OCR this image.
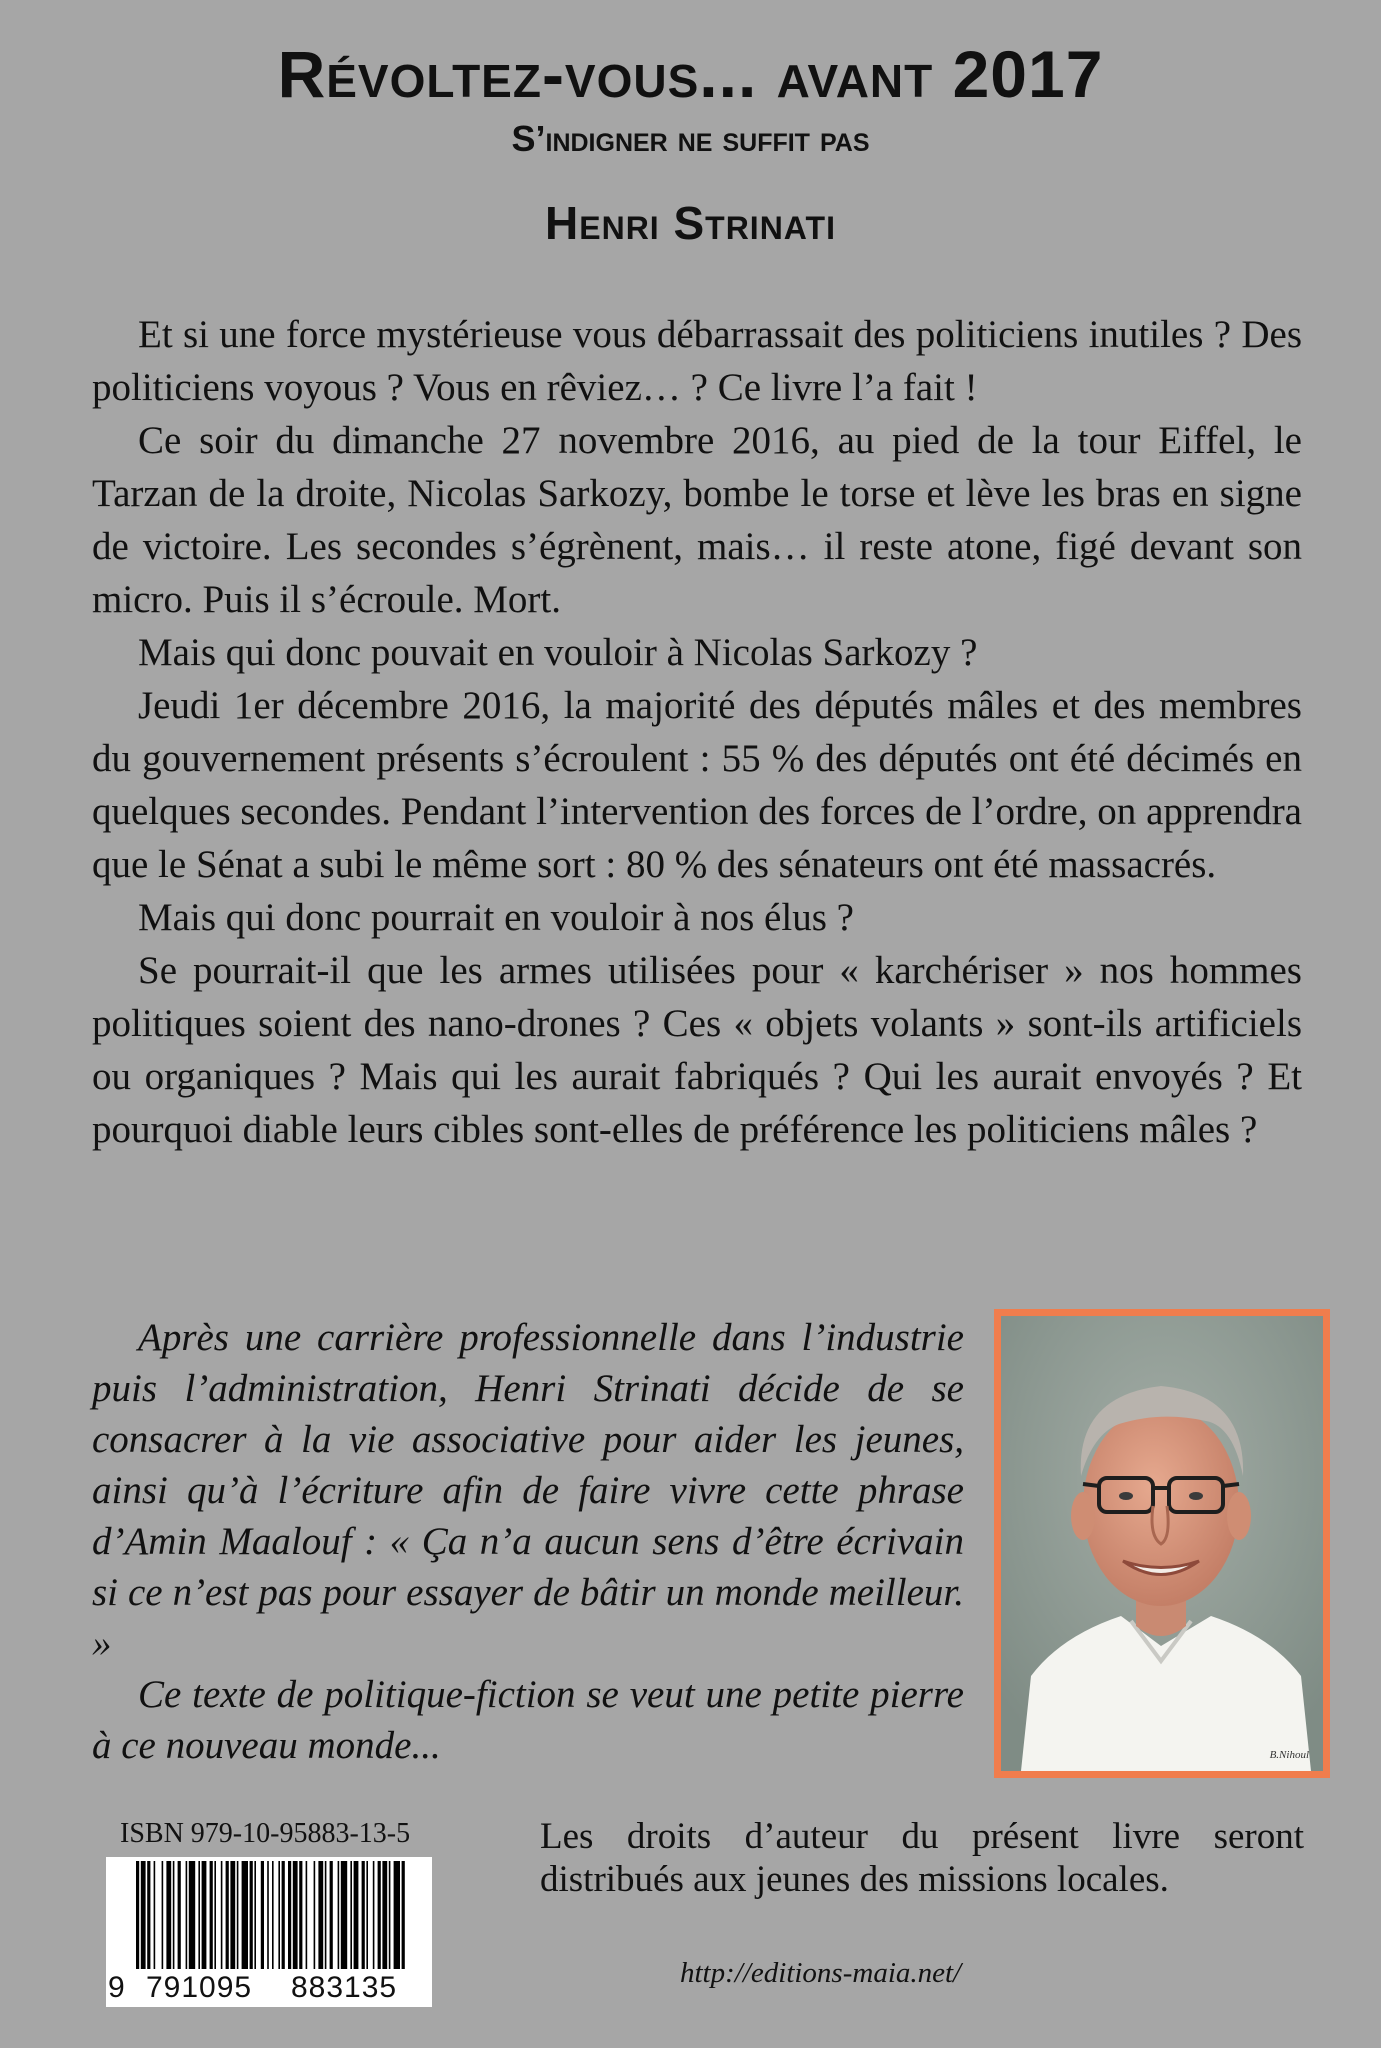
Révoltez-vous... avant 2017
S’indigner ne suffit pas
Henri Strinati

Et si une force mystérieuse vous débarrassait des politiciens inutiles ? Des politiciens voyous ? Vous en rêviez… ? Ce livre l’a fait !

Ce soir du dimanche 27 novembre 2016, au pied de la tour Eiffel, le Tarzan de la droite, Nicolas Sarkozy, bombe le torse et lève les bras en signe de victoire. Les secondes s’égrènent, mais… il reste atone, figé devant son micro. Puis il s’écroule. Mort.

Mais qui donc pouvait en vouloir à Nicolas Sarkozy ?

Jeudi 1er décembre 2016, la majorité des députés mâles et des membres du gouvernement présents s’écroulent : 55 % des députés ont été décimés en quelques secondes. Pendant l’intervention des forces de l’ordre, on apprendra que le Sénat a subi le même sort : 80 % des sénateurs ont été massacrés.

Mais qui donc pourrait en vouloir à nos élus ?

Se pourrait-il que les armes utilisées pour « karchériser » nos hommes politiques soient des nano-drones ? Ces « objets volants » sont-ils artificiels ou organiques ? Mais qui les aurait fabriqués ? Qui les aurait envoyés ? Et pourquoi diable leurs cibles sont-elles de préférence les politiciens mâles ?

Après une carrière professionnelle dans l’industrie puis l’administration, Henri Strinati décide de se consacrer à la vie associative pour aider les jeunes, ainsi qu’à l’écriture afin de faire vivre cette phrase d’Amin Maalouf : « Ça n’a aucun sens d’être écrivain si ce n’est pas pour essayer de bâtir un monde meilleur. »

Ce texte de politique-fiction se veut une petite pierre à ce nouveau monde...	B.Nihoul
ISBN 979-10-95883-13-5
9 791095 883135
Les droits d’auteur du présent livre seront distribués aux jeunes des missions locales.
http://editions-maia.net/
